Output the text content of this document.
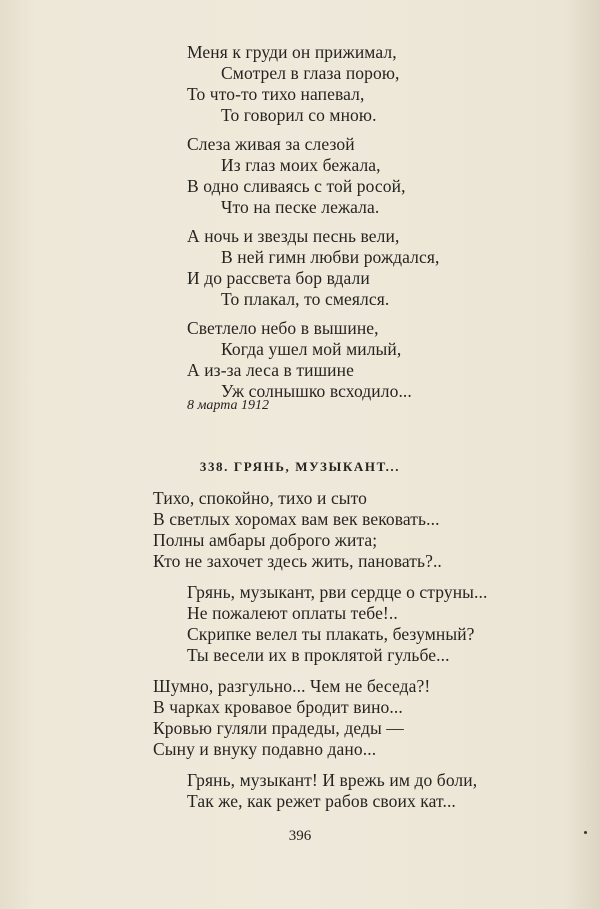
Меня к груди он прижимал,
Смотрел в глаза порою,
То что-то тихо напевал,
То говорил со мною.
Слеза живая за слезой
Из глаз моих бежала,
В одно сливаясь с той росой,
Что на песке лежала.
А ночь и звезды песнь вели,
В ней гимн любви рождался,
И до рассвета бор вдали
То плакал, то смеялся.
Светлело небо в вышине,
Когда ушел мой милый,
А из-за леса в тишине
Уж солнышко всходило...
8 марта 1912
338. ГРЯНЬ, МУЗЫКАНТ...
Тихо, спокойно, тихо и сыто
В светлых хоромах вам век вековать...
Полны амбары доброго жита;
Кто не захочет здесь жить, пановать?..
Грянь, музыкант, рви сердце о струны...
Не пожалеют оплаты тебе!..
Скрипке велел ты плакать, безумный?
Ты весели их в проклятой гульбе...
Шумно, разгульно... Чем не беседа?!
В чарках кровавое бродит вино...
Кровью гуляли прадеды, деды —
Сыну и внуку подавно дано...
Грянь, музыкант! И врежь им до боли,
Так же, как режет рабов своих кат...
396
